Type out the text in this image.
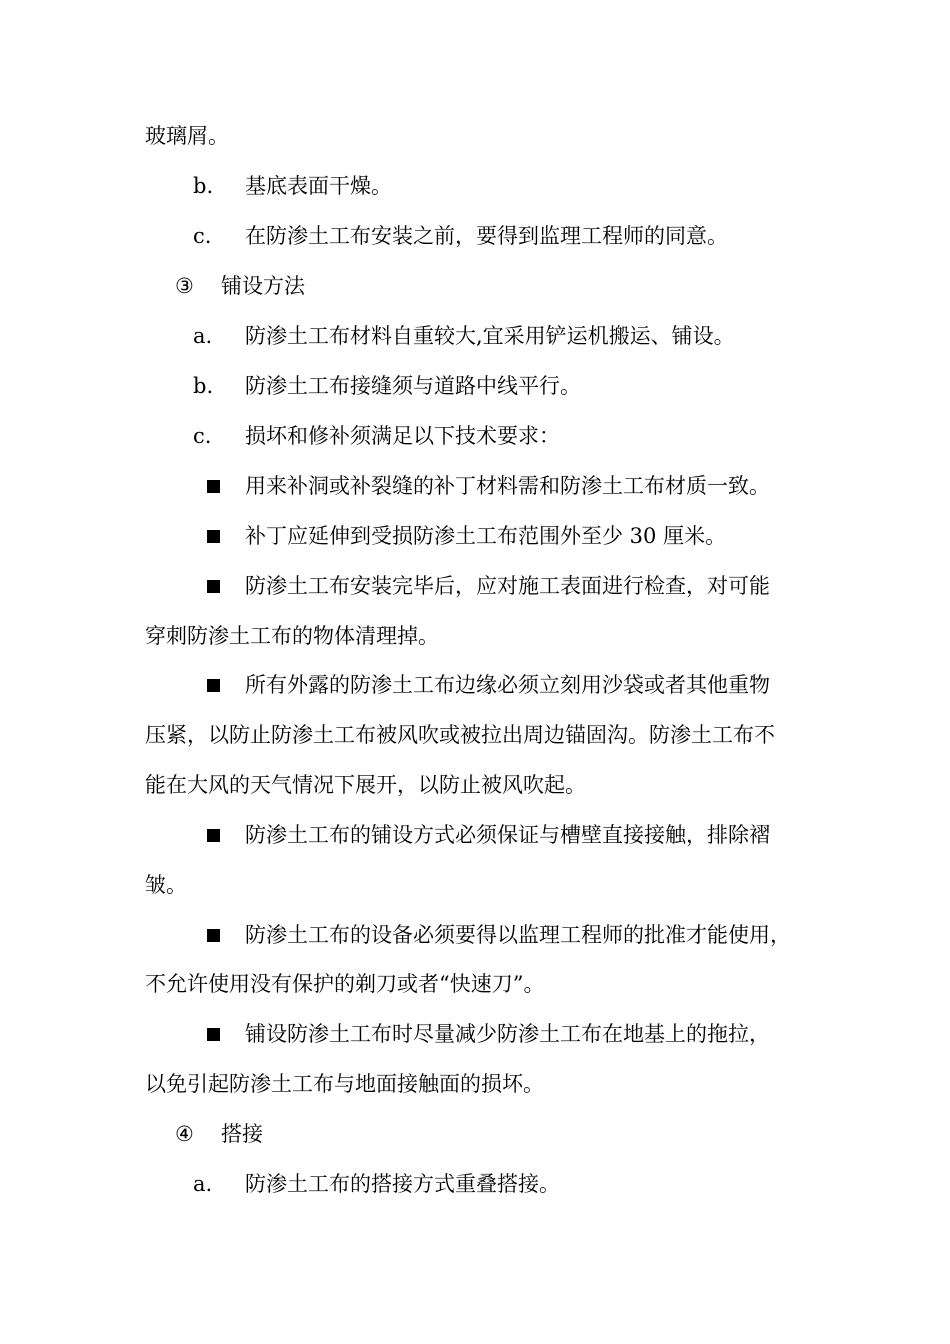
玻璃屑。
b. 基底表面干燥。
c. 在防渗土工布安装之前，要得到监理工程师的同意。
③ 铺设方法
a. 防渗土工布材料自重较大,宜采用铲运机搬运、铺设。
b. 防渗土工布接缝须与道路中线平行。
c. 损坏和修补须满足以下技术要求：
用来补洞或补裂缝的补丁材料需和防渗土工布材质一致。
补丁应延伸到受损防渗土工布范围外至少 30 厘米。
防渗土工布安装完毕后，应对施工表面进行检查，对可能
穿刺防渗土工布的物体清理掉。
所有外露的防渗土工布边缘必须立刻用沙袋或者其他重物
压紧，以防止防渗土工布被风吹或被拉出周边锚固沟。防渗土工布不
能在大风的天气情况下展开，以防止被风吹起。
防渗土工布的铺设方式必须保证与槽壁直接接触，排除褶
皱。
防渗土工布的设备必须要得以监理工程师的批准才能使用，
不允许使用没有保护的剃刀或者“快速刀”。
铺设防渗土工布时尽量减少防渗土工布在地基上的拖拉，
以免引起防渗土工布与地面接触面的损坏。
④ 搭接
a. 防渗土工布的搭接方式重叠搭接。
